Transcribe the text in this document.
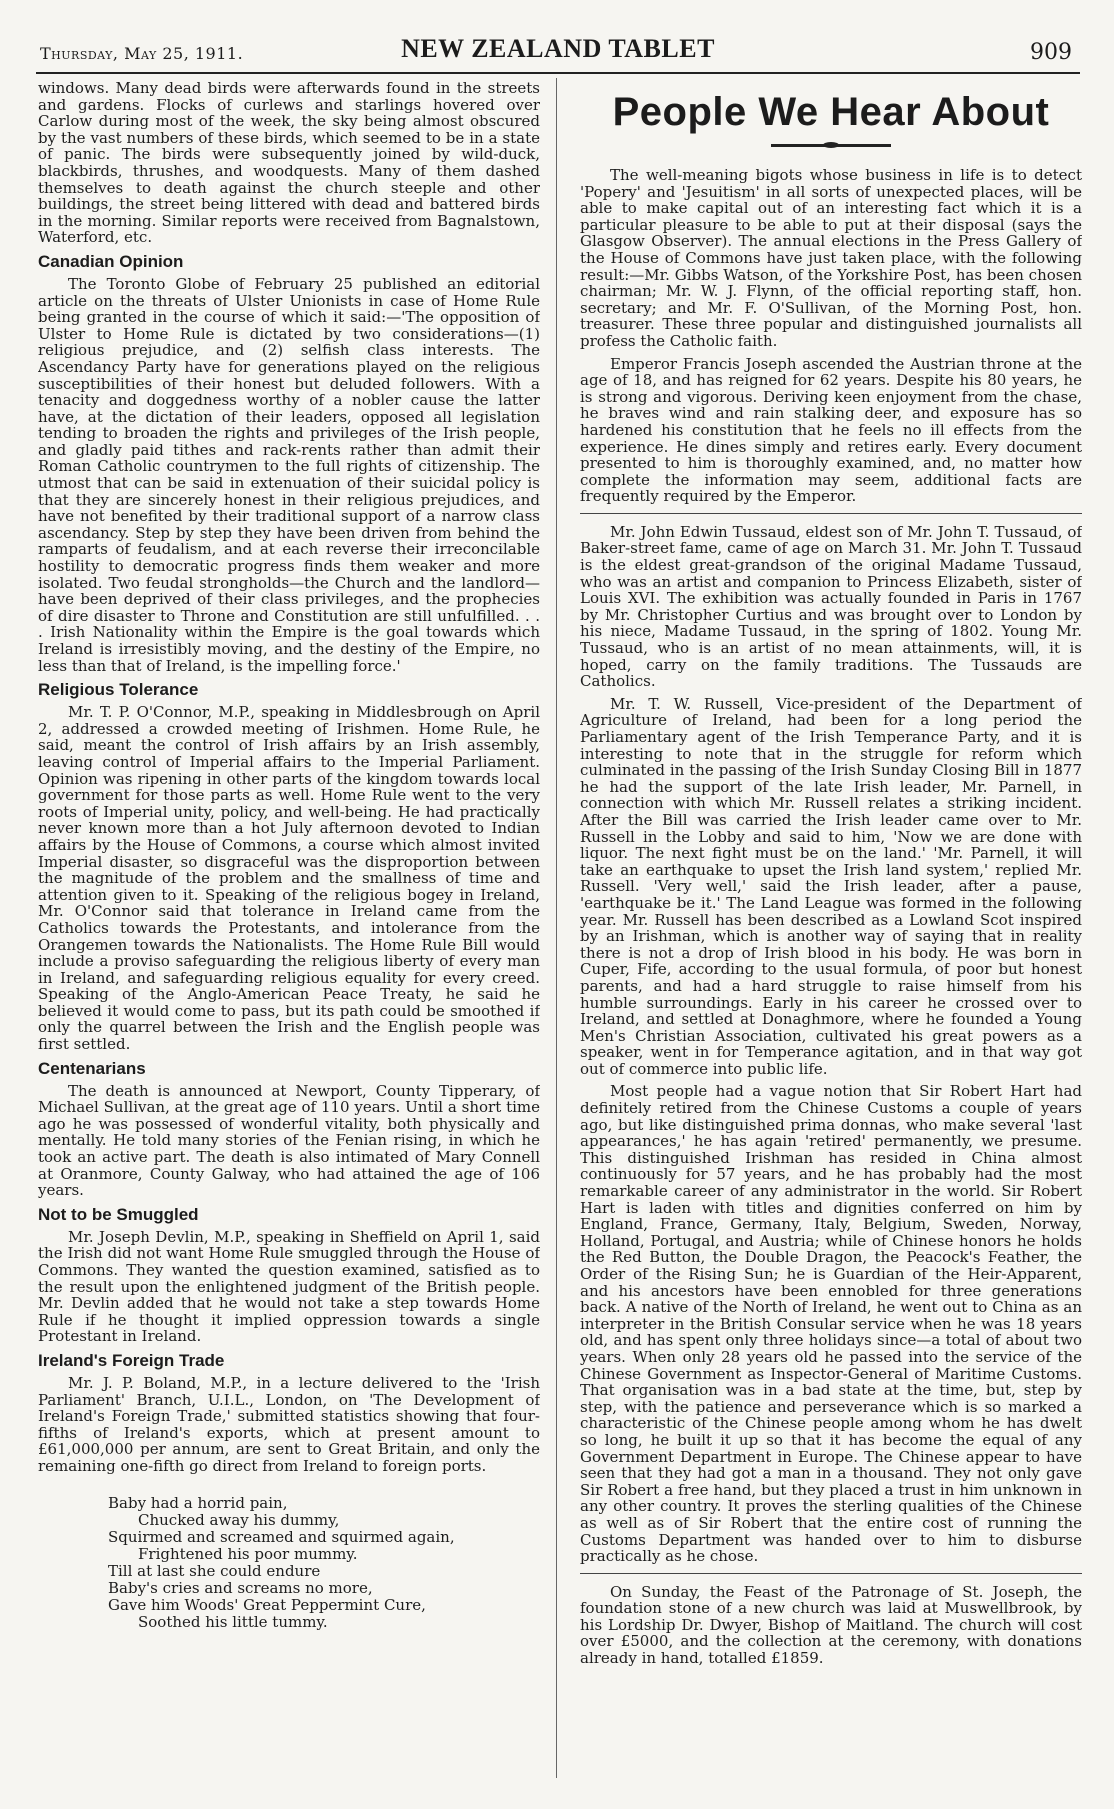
Thursday, May 25, 1911.	NEW ZEALAND TABLET	909

windows. Many dead birds were afterwards found in the streets and gardens. Flocks of curlews and starlings hovered over Carlow during most of the week, the sky being almost obscured by the vast numbers of these birds, which seemed to be in a state of panic. The birds were subsequently joined by wild-duck, blackbirds, thrushes, and woodquests. Many of them dashed themselves to death against the church steeple and other buildings, the street being littered with dead and battered birds in the morning. Similar reports were received from Bagnalstown, Waterford, etc.

Canadian Opinion

The Toronto Globe of February 25 published an editorial article on the threats of Ulster Unionists in case of Home Rule being granted in the course of which it said:—'The opposition of Ulster to Home Rule is dictated by two considerations—(1) religious prejudice, and (2) selfish class interests. The Ascendancy Party have for generations played on the religious susceptibilities of their honest but deluded followers. With a tenacity and doggedness worthy of a nobler cause the latter have, at the dictation of their leaders, opposed all legislation tending to broaden the rights and privileges of the Irish people, and gladly paid tithes and rack-rents rather than admit their Roman Catholic countrymen to the full rights of citizenship. The utmost that can be said in extenuation of their suicidal policy is that they are sincerely honest in their religious prejudices, and have not benefited by their traditional support of a narrow class ascendancy. Step by step they have been driven from behind the ramparts of feudalism, and at each reverse their irreconcilable hostility to democratic progress finds them weaker and more isolated. Two feudal strongholds—the Church and the landlord—have been deprived of their class privileges, and the prophecies of dire disaster to Throne and Constitution are still unfulfilled. . . . Irish Nationality within the Empire is the goal towards which Ireland is irresistibly moving, and the destiny of the Empire, no less than that of Ireland, is the impelling force.'

Religious Tolerance

Mr. T. P. O'Connor, M.P., speaking in Middlesbrough on April 2, addressed a crowded meeting of Irishmen. Home Rule, he said, meant the control of Irish affairs by an Irish assembly, leaving control of Imperial affairs to the Imperial Parliament. Opinion was ripening in other parts of the kingdom towards local government for those parts as well. Home Rule went to the very roots of Imperial unity, policy, and well-being. He had practically never known more than a hot July afternoon devoted to Indian affairs by the House of Commons, a course which almost invited Imperial disaster, so disgraceful was the disproportion between the magnitude of the problem and the smallness of time and attention given to it. Speaking of the religious bogey in Ireland, Mr. O'Connor said that tolerance in Ireland came from the Catholics towards the Protestants, and intolerance from the Orangemen towards the Nationalists. The Home Rule Bill would include a proviso safeguarding the religious liberty of every man in Ireland, and safeguarding religious equality for every creed. Speaking of the Anglo-American Peace Treaty, he said he believed it would come to pass, but its path could be smoothed if only the quarrel between the Irish and the English people was first settled.

Centenarians

The death is announced at Newport, County Tipperary, of Michael Sullivan, at the great age of 110 years. Until a short time ago he was possessed of wonderful vitality, both physically and mentally. He told many stories of the Fenian rising, in which he took an active part. The death is also intimated of Mary Connell at Oranmore, County Galway, who had attained the age of 106 years.

Not to be Smuggled

Mr. Joseph Devlin, M.P., speaking in Sheffield on April 1, said the Irish did not want Home Rule smuggled through the House of Commons. They wanted the question examined, satisfied as to the result upon the enlightened judgment of the British people. Mr. Devlin added that he would not take a step towards Home Rule if he thought it implied oppression towards a single Protestant in Ireland.

Ireland's Foreign Trade

Mr. J. P. Boland, M.P., in a lecture delivered to the 'Irish Parliament' Branch, U.I.L., London, on 'The Development of Ireland's Foreign Trade,' submitted statistics showing that four-fifths of Ireland's exports, which at present amount to £61,000,000 per annum, are sent to Great Britain, and only the remaining one-fifth go direct from Ireland to foreign ports.

Baby had a horrid pain,
Chucked away his dummy,
Squirmed and screamed and squirmed again,
Frightened his poor mummy.
Till at last she could endure
Baby's cries and screams no more,
Gave him Woods' Great Peppermint Cure,
Soothed his little tummy.
People We Hear About

The well-meaning bigots whose business in life is to detect 'Popery' and 'Jesuitism' in all sorts of unexpected places, will be able to make capital out of an interesting fact which it is a particular pleasure to be able to put at their disposal (says the Glasgow Observer). The annual elections in the Press Gallery of the House of Commons have just taken place, with the following result:—Mr. Gibbs Watson, of the Yorkshire Post, has been chosen chairman; Mr. W. J. Flynn, of the official reporting staff, hon. secretary; and Mr. F. O'Sullivan, of the Morning Post, hon. treasurer. These three popular and distinguished journalists all profess the Catholic faith.

Emperor Francis Joseph ascended the Austrian throne at the age of 18, and has reigned for 62 years. Despite his 80 years, he is strong and vigorous. Deriving keen enjoyment from the chase, he braves wind and rain stalking deer, and exposure has so hardened his constitution that he feels no ill effects from the experience. He dines simply and retires early. Every document presented to him is thoroughly examined, and, no matter how complete the information may seem, additional facts are frequently required by the Emperor.

Mr. John Edwin Tussaud, eldest son of Mr. John T. Tussaud, of Baker-street fame, came of age on March 31. Mr. John T. Tussaud is the eldest great-grandson of the original Madame Tussaud, who was an artist and companion to Princess Elizabeth, sister of Louis XVI. The exhibition was actually founded in Paris in 1767 by Mr. Christopher Curtius and was brought over to London by his niece, Madame Tussaud, in the spring of 1802. Young Mr. Tussaud, who is an artist of no mean attainments, will, it is hoped, carry on the family traditions. The Tussauds are Catholics.

Mr. T. W. Russell, Vice-president of the Department of Agriculture of Ireland, had been for a long period the Parliamentary agent of the Irish Temperance Party, and it is interesting to note that in the struggle for reform which culminated in the passing of the Irish Sunday Closing Bill in 1877 he had the support of the late Irish leader, Mr. Parnell, in connection with which Mr. Russell relates a striking incident. After the Bill was carried the Irish leader came over to Mr. Russell in the Lobby and said to him, 'Now we are done with liquor. The next fight must be on the land.' 'Mr. Parnell, it will take an earthquake to upset the Irish land system,' replied Mr. Russell. 'Very well,' said the Irish leader, after a pause, 'earthquake be it.' The Land League was formed in the following year. Mr. Russell has been described as a Lowland Scot inspired by an Irishman, which is another way of saying that in reality there is not a drop of Irish blood in his body. He was born in Cuper, Fife, according to the usual formula, of poor but honest parents, and had a hard struggle to raise himself from his humble surroundings. Early in his career he crossed over to Ireland, and settled at Donaghmore, where he founded a Young Men's Christian Association, cultivated his great powers as a speaker, went in for Temperance agitation, and in that way got out of commerce into public life.

Most people had a vague notion that Sir Robert Hart had definitely retired from the Chinese Customs a couple of years ago, but like distinguished prima donnas, who make several 'last appearances,' he has again 'retired' permanently, we presume. This distinguished Irishman has resided in China almost continuously for 57 years, and he has probably had the most remarkable career of any administrator in the world. Sir Robert Hart is laden with titles and dignities conferred on him by England, France, Germany, Italy, Belgium, Sweden, Norway, Holland, Portugal, and Austria; while of Chinese honors he holds the Red Button, the Double Dragon, the Peacock's Feather, the Order of the Rising Sun; he is Guardian of the Heir-Apparent, and his ancestors have been ennobled for three generations back. A native of the North of Ireland, he went out to China as an interpreter in the British Consular service when he was 18 years old, and has spent only three holidays since—a total of about two years. When only 28 years old he passed into the service of the Chinese Government as Inspector-General of Maritime Customs. That organisation was in a bad state at the time, but, step by step, with the patience and perseverance which is so marked a characteristic of the Chinese people among whom he has dwelt so long, he built it up so that it has become the equal of any Government Department in Europe. The Chinese appear to have seen that they had got a man in a thousand. They not only gave Sir Robert a free hand, but they placed a trust in him unknown in any other country. It proves the sterling qualities of the Chinese as well as of Sir Robert that the entire cost of running the Customs Department was handed over to him to disburse practically as he chose.

On Sunday, the Feast of the Patronage of St. Joseph, the foundation stone of a new church was laid at Muswellbrook, by his Lordship Dr. Dwyer, Bishop of Maitland. The church will cost over £5000, and the collection at the ceremony, with donations already in hand, totalled £1859.
